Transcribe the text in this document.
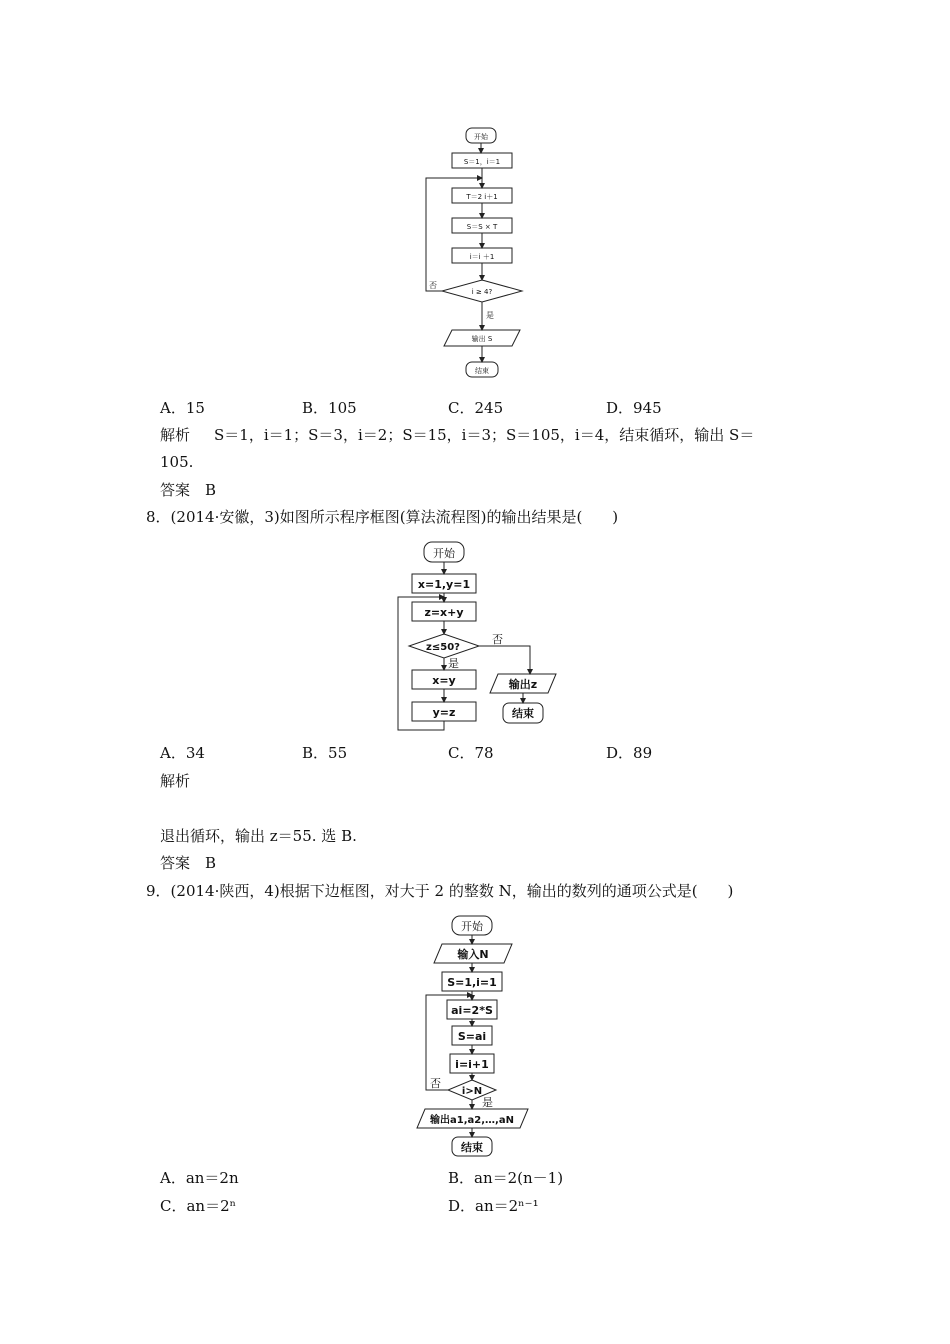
开始
S＝1，i＝1
T＝2 i＋1
S＝S × T
i＝i ＋1
i ≥ 4?
否
是
输出 S
结束
A．15	B．105	C．245	D．945
解析 S＝1，i＝1；S＝3，i＝2；S＝15，i＝3；S＝105，i＝4，结束循环，输出 S＝
105.
答案　B
8．(2014·安徽，3)如图所示程序框图(算法流程图)的输出结果是(　　)
开始
x=1,y=1
z=x+y
z≤50?
是
x=y
y=z
否
输出z
结束
A．34	B．55	C．78	D．89
解析
退出循环，输出 z＝55. 选 B.
答案　B
9．(2014·陕西，4)根据下边框图，对大于 2 的整数 N，输出的数列的通项公式是(　　)
开始
输入N
S=1,i=1
ai=2*S
S=ai
i=i+1
i>N
否
是
输出a1,a2,…,aN
结束
A．an＝2n	B．an＝2(n－1)
C．an＝2ⁿ	D．an＝2ⁿ⁻¹
